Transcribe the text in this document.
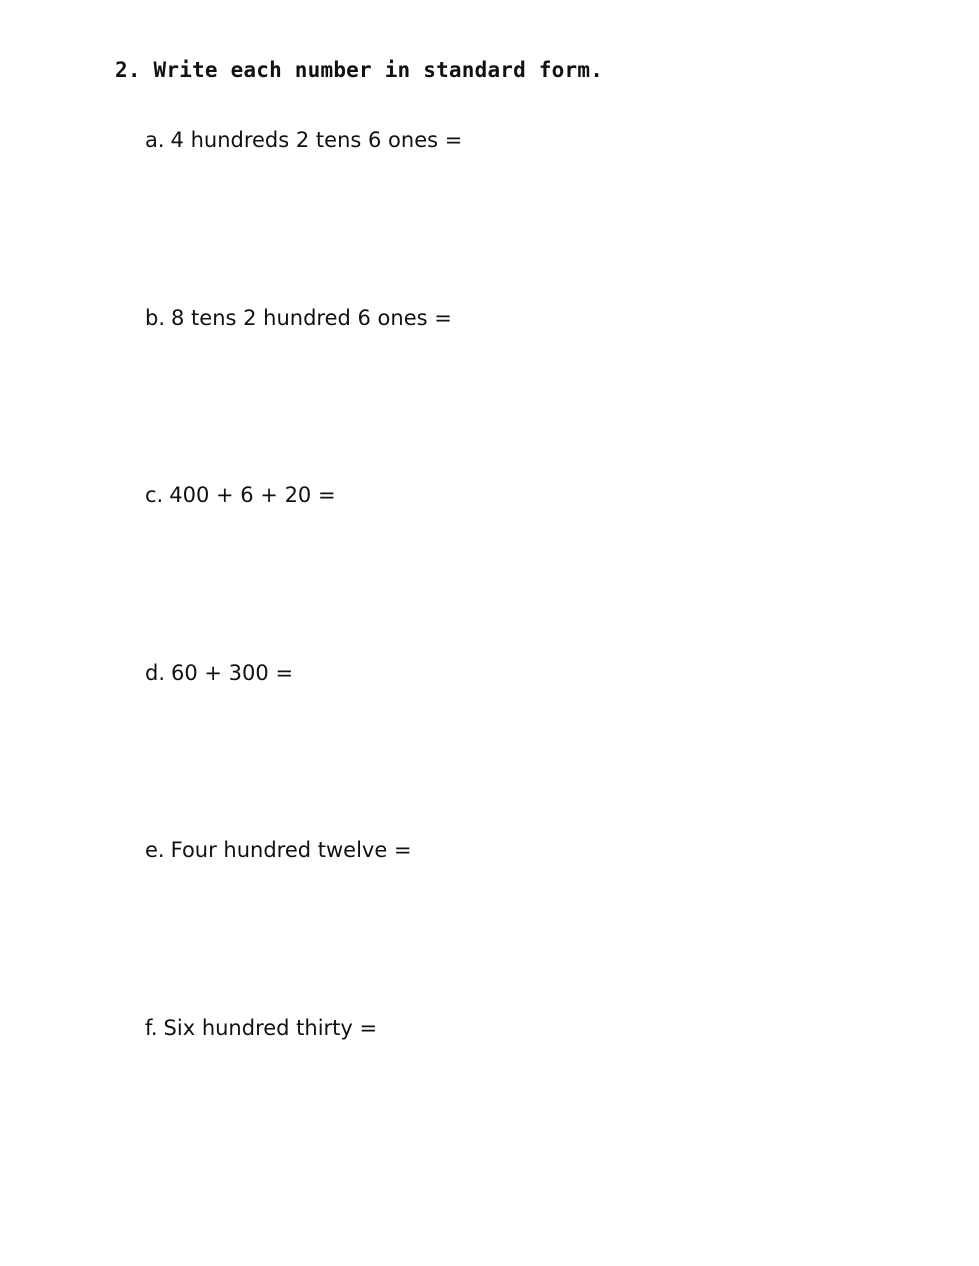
2. Write each number in standard form.
a. 4 hundreds 2 tens 6 ones =
b. 8 tens 2 hundred 6 ones =
c. 400 + 6 + 20 =
d. 60 + 300 =
e. Four hundred twelve =
f. Six hundred thirty =
